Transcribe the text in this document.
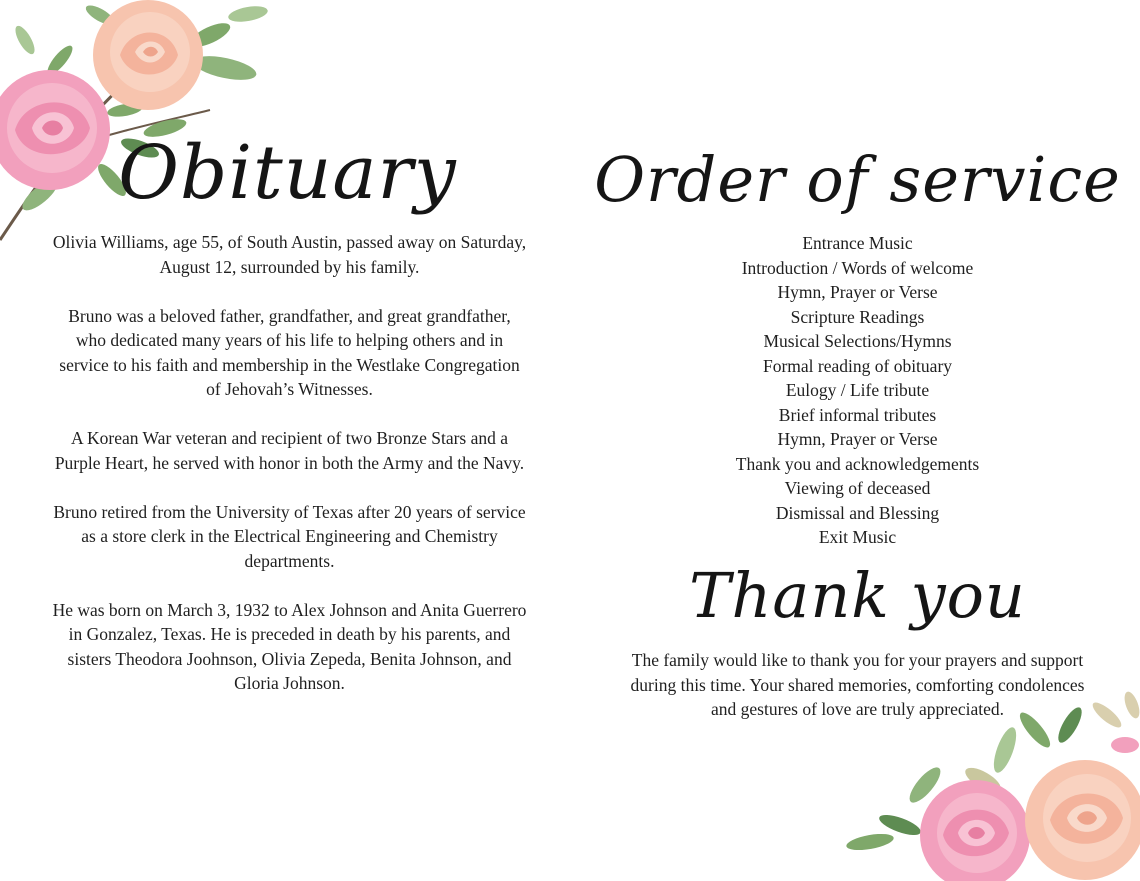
Obituary

Olivia Williams, age 55, of South Austin, passed away on Saturday, August 12, surrounded by his family.

Bruno was a beloved father, grandfather, and great grandfather, who dedicated many years of his life to helping others and in service to his faith and membership in the Westlake Congregation of Jehovah’s Witnesses.

A Korean War veteran and recipient of two Bronze Stars and a Purple Heart, he served with honor in both the Army and the Navy.

Bruno retired from the University of Texas after 20 years of service as a store clerk in the Electrical Engineering and Chemistry departments.

He was born on March 3, 1932 to Alex Johnson and Anita Guerrero in Gonzalez, Texas. He is preceded in death by his parents, and sisters Theodora Joohnson, Olivia Zepeda, Benita Johnson, and Gloria Johnson.

Order of service
Entrance Music
Introduction / Words of welcome
Hymn, Prayer or Verse
Scripture Readings
Musical Selections/Hymns
Formal reading of obituary
Eulogy / Life tribute
Brief informal tributes
Hymn, Prayer or Verse
Thank you and acknowledgements
Viewing of deceased
Dismissal and Blessing
Exit Music
Thank you

The family would like to thank you for your prayers and support during this time. Your shared memories, comforting condolences and gestures of love are truly appreciated.
